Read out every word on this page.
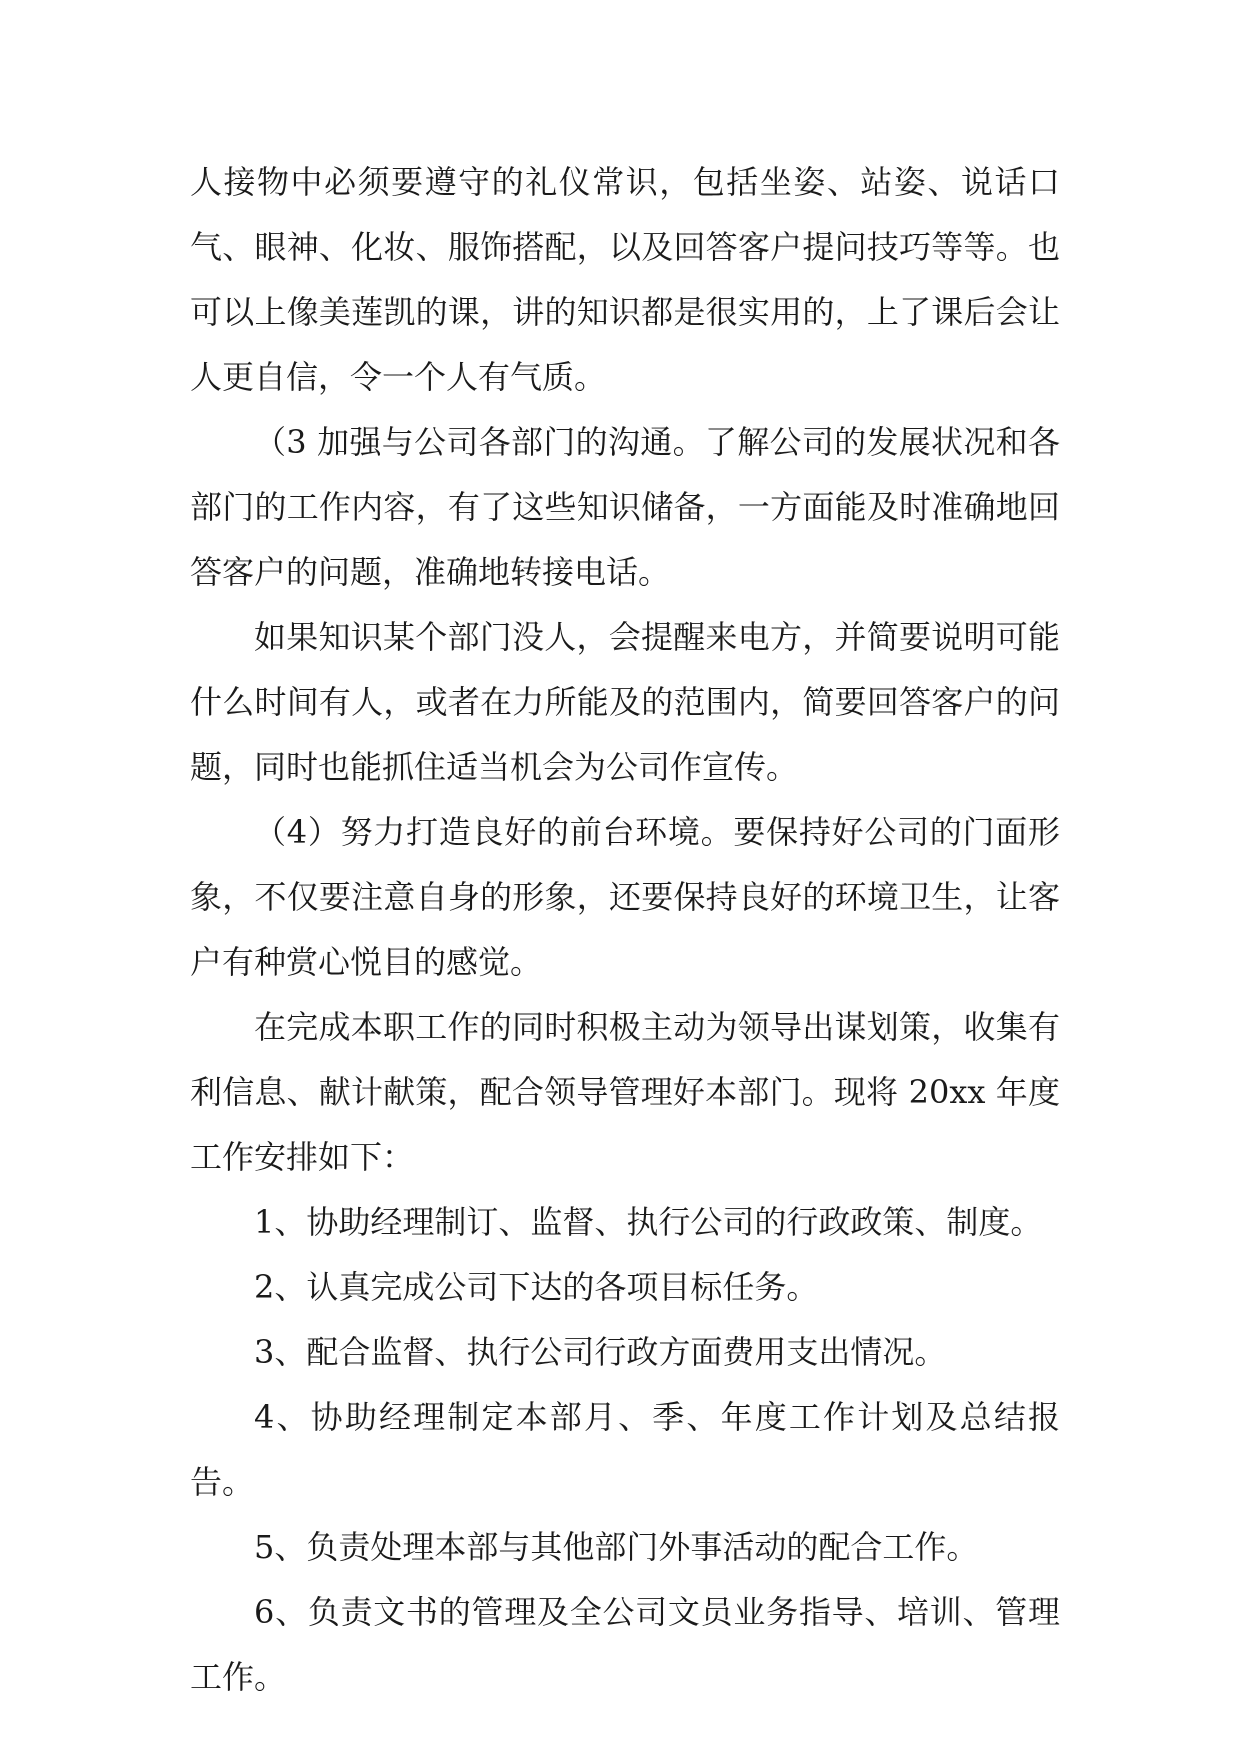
人接物中必须要遵守的礼仪常识，包括坐姿、站姿、说话口气、眼神、化妆、服饰搭配，以及回答客户提问技巧等等。也可以上像美莲凯的课，讲的知识都是很实用的，上了课后会让人更自信，令一个人有气质。

（3 加强与公司各部门的沟通。了解公司的发展状况和各部门的工作内容，有了这些知识储备，一方面能及时准确地回答客户的问题，准确地转接电话。

如果知识某个部门没人，会提醒来电方，并简要说明可能什么时间有人，或者在力所能及的范围内，简要回答客户的问题，同时也能抓住适当机会为公司作宣传。

（4）努力打造良好的前台环境。要保持好公司的门面形象，不仅要注意自身的形象，还要保持良好的环境卫生，让客户有种赏心悦目的感觉。

在完成本职工作的同时积极主动为领导出谋划策，收集有利信息、献计献策，配合领导管理好本部门。现将 20xx 年度工作安排如下：

1、协助经理制订、监督、执行公司的行政政策、制度。

2、认真完成公司下达的各项目标任务。

3、配合监督、执行公司行政方面费用支出情况。

4、协助经理制定本部月、季、年度工作计划及总结报告。

5、负责处理本部与其他部门外事活动的配合工作。

6、负责文书的管理及全公司文员业务指导、培训、管理工作。
